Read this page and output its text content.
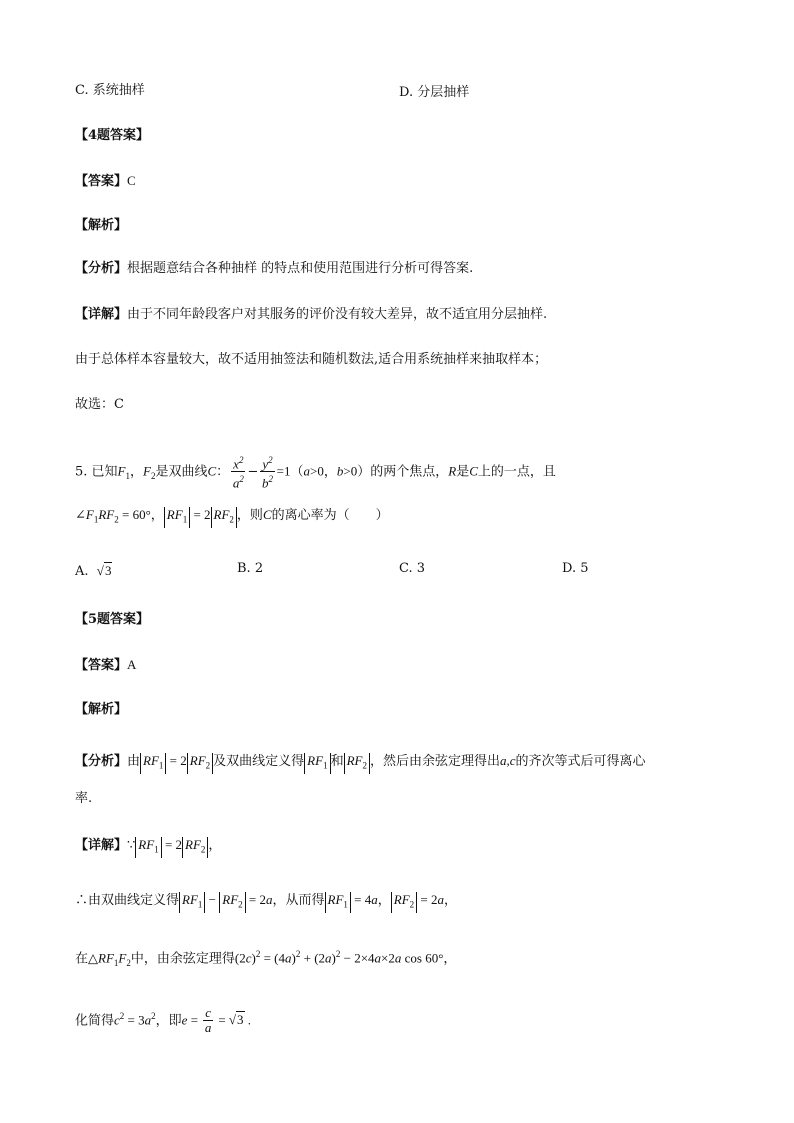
C. 系统抽样	D. 分层抽样
【4题答案】
【答案】C
【解析】
【分析】根据题意结合各种抽样 的特点和使用范围进行分析可得答案.
【详解】由于不同年龄段客户对其服务的评价没有较大差异，故不适宜用分层抽样.
由于总体样本容量较大，故不适用抽签法和随机数法,适合用系统抽样来抽取样本；
故选：C
5. 已知$F_1$，$F_2$是双曲线C： $\frac{x^2}{a^2} - \frac{y^2}{b^2} =1(a>0$，b>0）的两个焦点，R是C上的一点，且
$\angle F_1RF_2 = 60^\circ$， $RF_1 = 2$ $RF_2$ ，则C的离心率为（　　）
A. √3	B. 2	C. 3	D. 5
【5题答案】
【答案】A
【解析】
【分析】由 $RF_1 = 2$ $RF_2$ 及双曲线定义得 $RF_1$ 和 $RF_2$ ，然后由余弦定理得出a,c的齐次等式后可得离心
率.
【详解】∵ $RF_1 = 2$ $RF_2$ ，
∴由双曲线定义得 $RF_1 - RF_2 = 2a$，从而得 $RF_1 = 4a$， $RF_2 = 2a$，
在$\triangle RF_1F_2$中，由余弦定理得$(2c)^2 = (4a)^2 + (2a)^2 - 2\times 4a\times 2a$ cos 60°，
化简得$c^2 = 3a^2$，即$e = \frac{c}{a} = √3$ .
